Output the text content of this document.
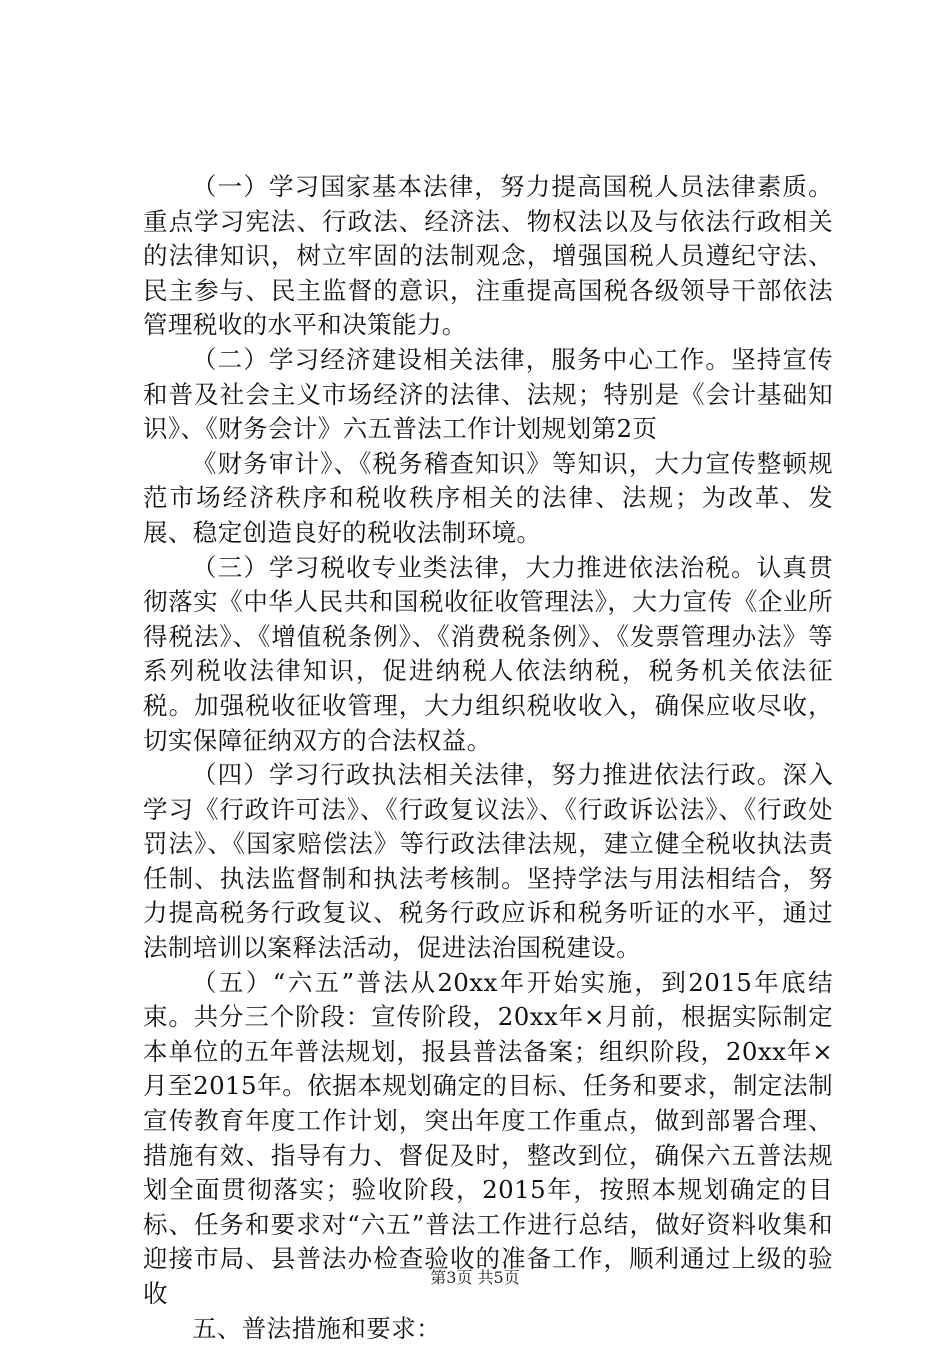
（一）学习国家基本法律，努力提高国税人员法律素质。重点学习宪法、行政法、经济法、物权法以及与依法行政相关的法律知识，树立牢固的法制观念，增强国税人员遵纪守法、民主参与、民主监督的意识，注重提高国税各级领导干部依法管理税收的水平和决策能力。

（二）学习经济建设相关法律，服务中心工作。坚持宣传和普及社会主义市场经济的法律、法规；特别是《会计基础知识》、《财务会计》六五普法工作计划规划第2页

《财务审计》、《税务稽查知识》等知识，大力宣传整顿规范市场经济秩序和税收秩序相关的法律、法规；为改革、发展、稳定创造良好的税收法制环境。

（三）学习税收专业类法律，大力推进依法治税。认真贯彻落实《中华人民共和国税收征收管理法》，大力宣传《企业所得税法》、《增值税条例》、《消费税条例》、《发票管理办法》等系列税收法律知识，促进纳税人依法纳税，税务机关依法征税。加强税收征收管理，大力组织税收收入，确保应收尽收，切实保障征纳双方的合法权益。

（四）学习行政执法相关法律，努力推进依法行政。深入学习《行政许可法》、《行政复议法》、《行政诉讼法》、《行政处罚法》、《国家赔偿法》等行政法律法规，建立健全税收执法责任制、执法监督制和执法考核制。坚持学法与用法相结合，努力提高税务行政复议、税务行政应诉和税务听证的水平，通过法制培训以案释法活动，促进法治国税建设。

（五）“六五”普法从20xx年开始实施，到2015年底结束。共分三个阶段：宣传阶段，20xx年×月前，根据实际制定本单位的五年普法规划，报县普法备案；组织阶段，20xx年×月至2015年。依据本规划确定的目标、任务和要求，制定法制宣传教育年度工作计划，突出年度工作重点，做到部署合理、措施有效、指导有力、督促及时，整改到位，确保六五普法规划全面贯彻落实；验收阶段，2015年，按照本规划确定的目标、任务和要求对“六五”普法工作进行总结，做好资料收集和迎接市局、县普法办检查验收的准备工作，顺利通过上级的验收

五、普法措施和要求：

第3页 共5页
